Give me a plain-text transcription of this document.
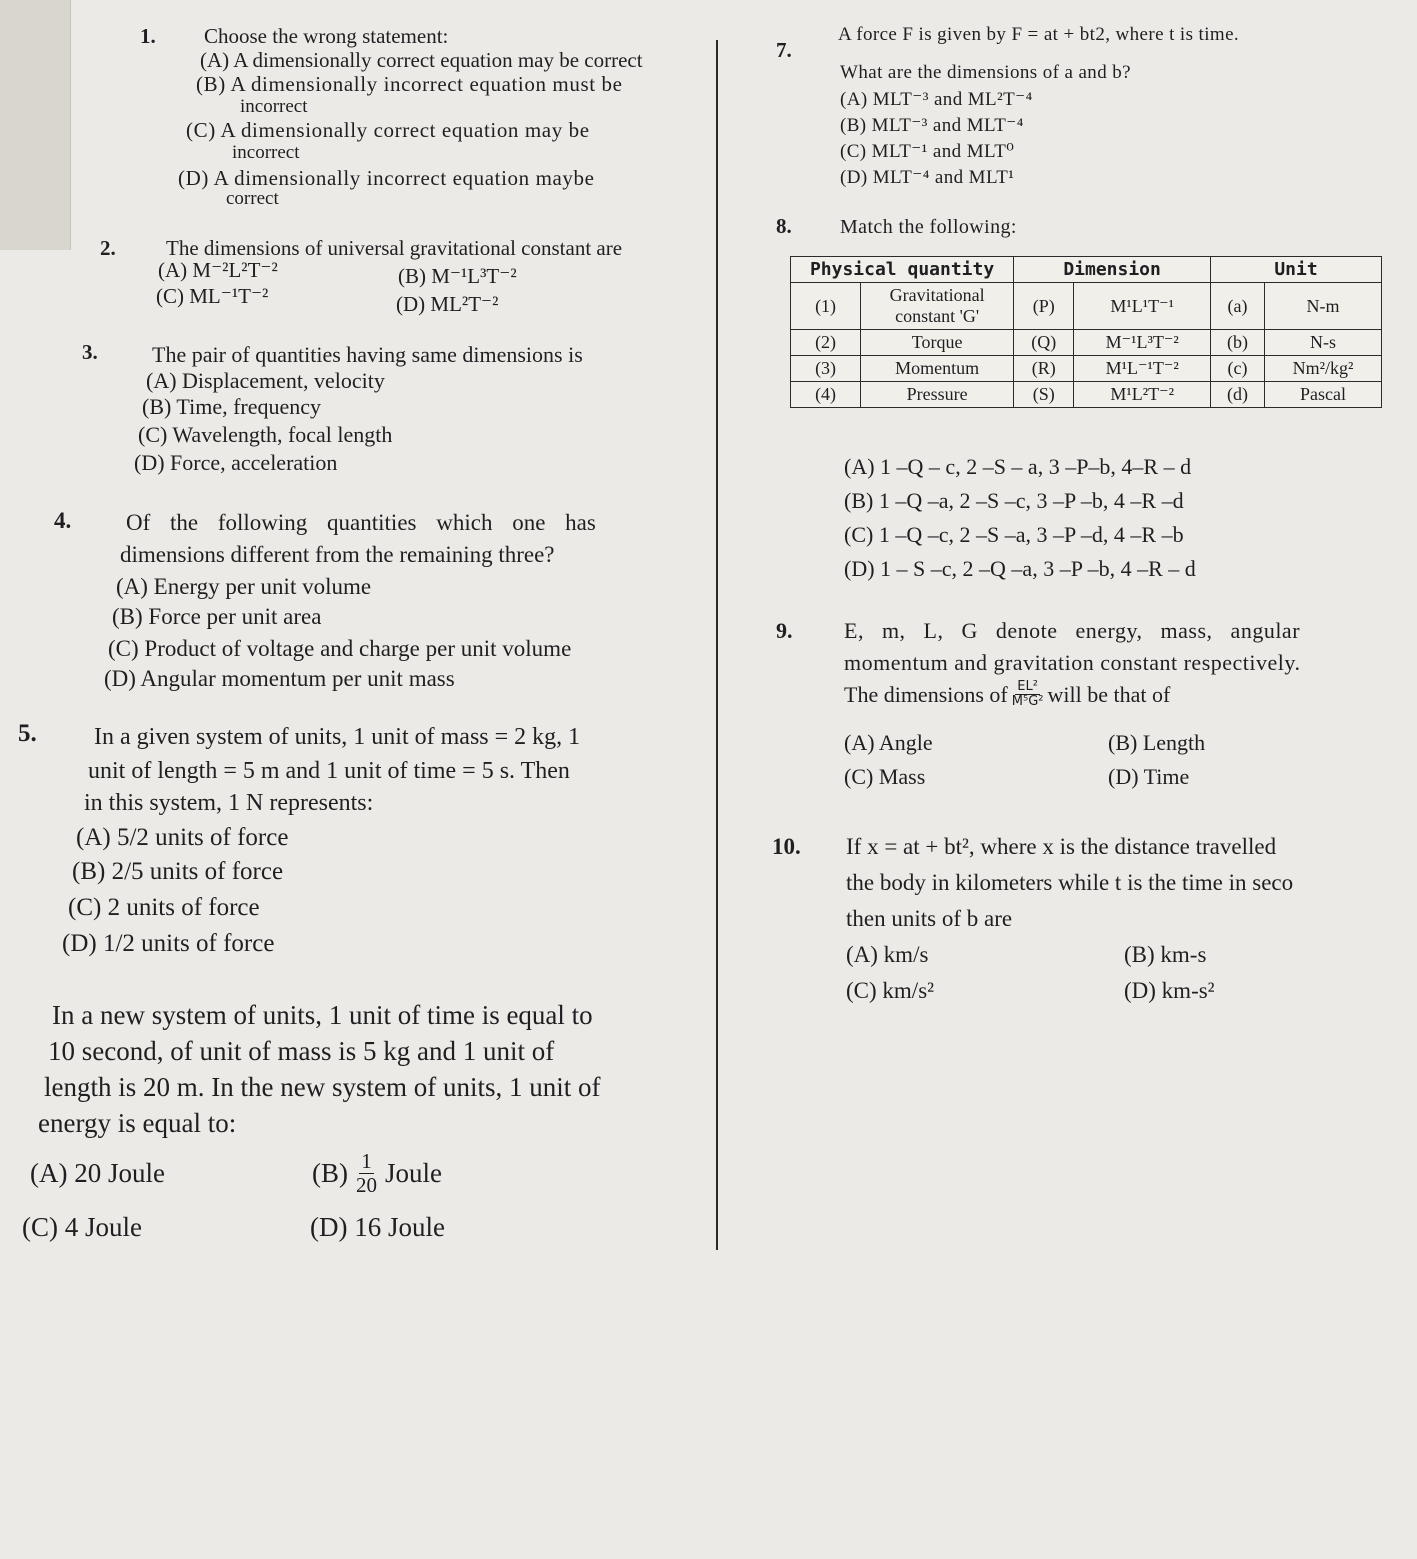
1. Choose the wrong statement:
(A) A dimensionally correct equation may be correct
(B) A dimensionally incorrect equation must be
incorrect
(C) A dimensionally correct equation may be
incorrect
(D) A dimensionally incorrect equation maybe
correct
2. The dimensions of universal gravitational constant are
(A) M⁻²L²T⁻²	(B) M⁻¹L³T⁻²
(C) ML⁻¹T⁻²	(D) ML²T⁻²
3. The pair of quantities having same dimensions is
(A) Displacement, velocity
(B) Time, frequency
(C) Wavelength, focal length
(D) Force, acceleration
4. Of the following quantities which one has
dimensions different from the remaining three?
(A) Energy per unit volume
(B) Force per unit area
(C) Product of voltage and charge per unit volume
(D) Angular momentum per unit mass
5. In a given system of units, 1 unit of mass = 2 kg, 1
unit of length = 5 m and 1 unit of time = 5 s. Then
in this system, 1 N represents:
(A) 5/2 units of force
(B) 2/5 units of force
(C) 2 units of force
(D) 1/2 units of force
In a new system of units, 1 unit of time is equal to
10 second, of unit of mass is 5 kg and 1 unit of
length is 20 m. In the new system of units, 1 unit of
energy is equal to:
(A) 20 Joule	$(B) \frac{1}{20}$ Joule
(C) 4 Joule	(D) 16 Joule
7.
A force F is given by F = at + bt2, where t is time.
What are the dimensions of a and b?
(A) MLT⁻³ and ML²T⁻⁴
(B) MLT⁻³ and MLT⁻⁴
(C) MLT⁻¹ and MLT⁰
(D) MLT⁻⁴ and MLT¹
8. Match the following:
Physical quantity		Dimension		Unit	
(1)	Gravitational constant 'G'	(P)	M¹L¹T⁻¹	(a)	N-m
(2)	Torque	(Q)	M⁻¹L³T⁻²	(b)	N-s
(3)	Momentum	(R)	M¹L⁻¹T⁻²	(c)	Nm²/kg²
(4)	Pressure	(S)	M¹L²T⁻²	(d)	Pascal
(A) 1 –Q – c, 2 –S – a, 3 –P–b, 4–R – d
(B) 1 –Q –a, 2 –S –c, 3 –P –b, 4 –R –d
(C) 1 –Q –c, 2 –S –a, 3 –P –d, 4 –R –b
(D) 1 – S –c, 2 –Q –a, 3 –P –b, 4 –R – d
9. E, m, L, G denote energy, mass, angular
momentum and gravitation constant respectively.
The dimensions of $\frac{\text{EL²}}{\text{M⁵G²}}$ will be that of
(A) Angle	(B) Length
(C) Mass	(D) Time
10. If x = at + bt², where x is the distance travelled
the body in kilometers while t is the time in seco
then units of b are
(A) km/s	(B) km-s
(C) km/s²	(D) km-s²
